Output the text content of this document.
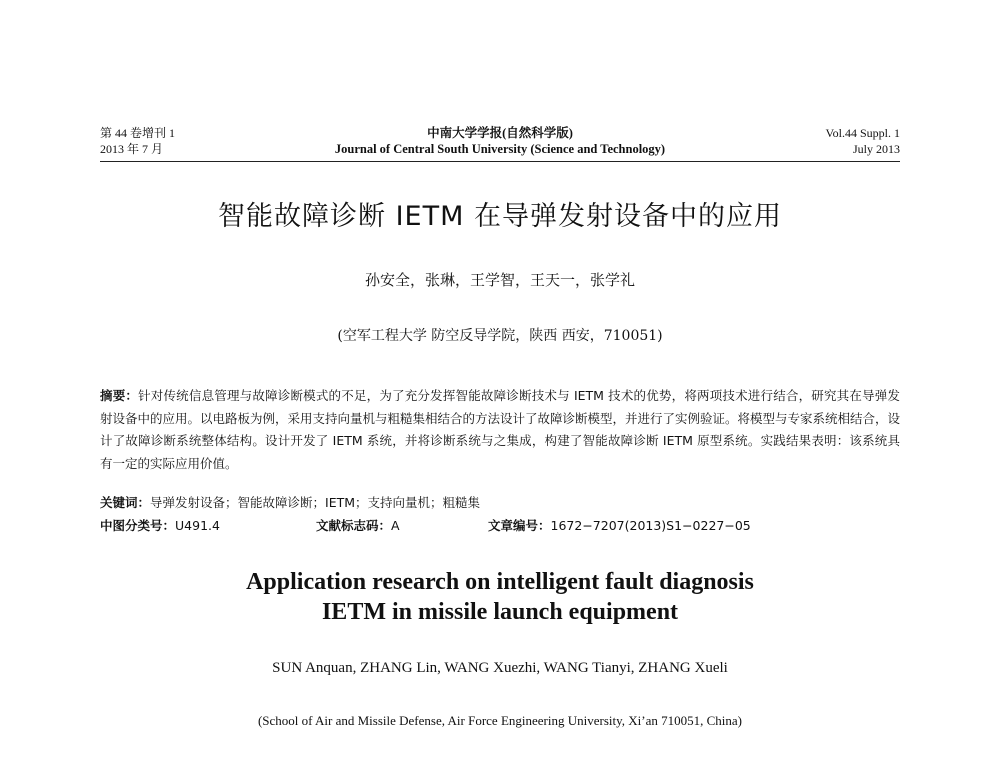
第 44 卷增刊 1
2013 年 7 月
中南大学学报(自然科学版)
Journal of Central South University (Science and Technology)
Vol.44 Suppl. 1
July 2013
智能故障诊断 IETM 在导弹发射设备中的应用
孙安全，张琳，王学智，王天一，张学礼
(空军工程大学 防空反导学院，陕西 西安，710051)
摘要：针对传统信息管理与故障诊断模式的不足，为了充分发挥智能故障诊断技术与 IETM 技术的优势，将两项技术进行结合，研究其在导弹发射设备中的应用。以电路板为例，采用支持向量机与粗糙集相结合的方法设计了故障诊断模型，并进行了实例验证。将模型与专家系统相结合，设计了故障诊断系统整体结构。设计开发了 IETM 系统，并将诊断系统与之集成，构建了智能故障诊断 IETM 原型系统。实践结果表明：该系统具有一定的实际应用价值。
关键词：导弹发射设备；智能故障诊断；IETM；支持向量机；粗糙集
中图分类号：U491.4	文献标志码：A	文章编号：1672−7207(2013)S1−0227−05
Application research on intelligent fault diagnosis
IETM in missile launch equipment
SUN Anquan, ZHANG Lin, WANG Xuezhi, WANG Tianyi, ZHANG Xueli
(School of Air and Missile Defense, Air Force Engineering University, Xi’an 710051, China)
